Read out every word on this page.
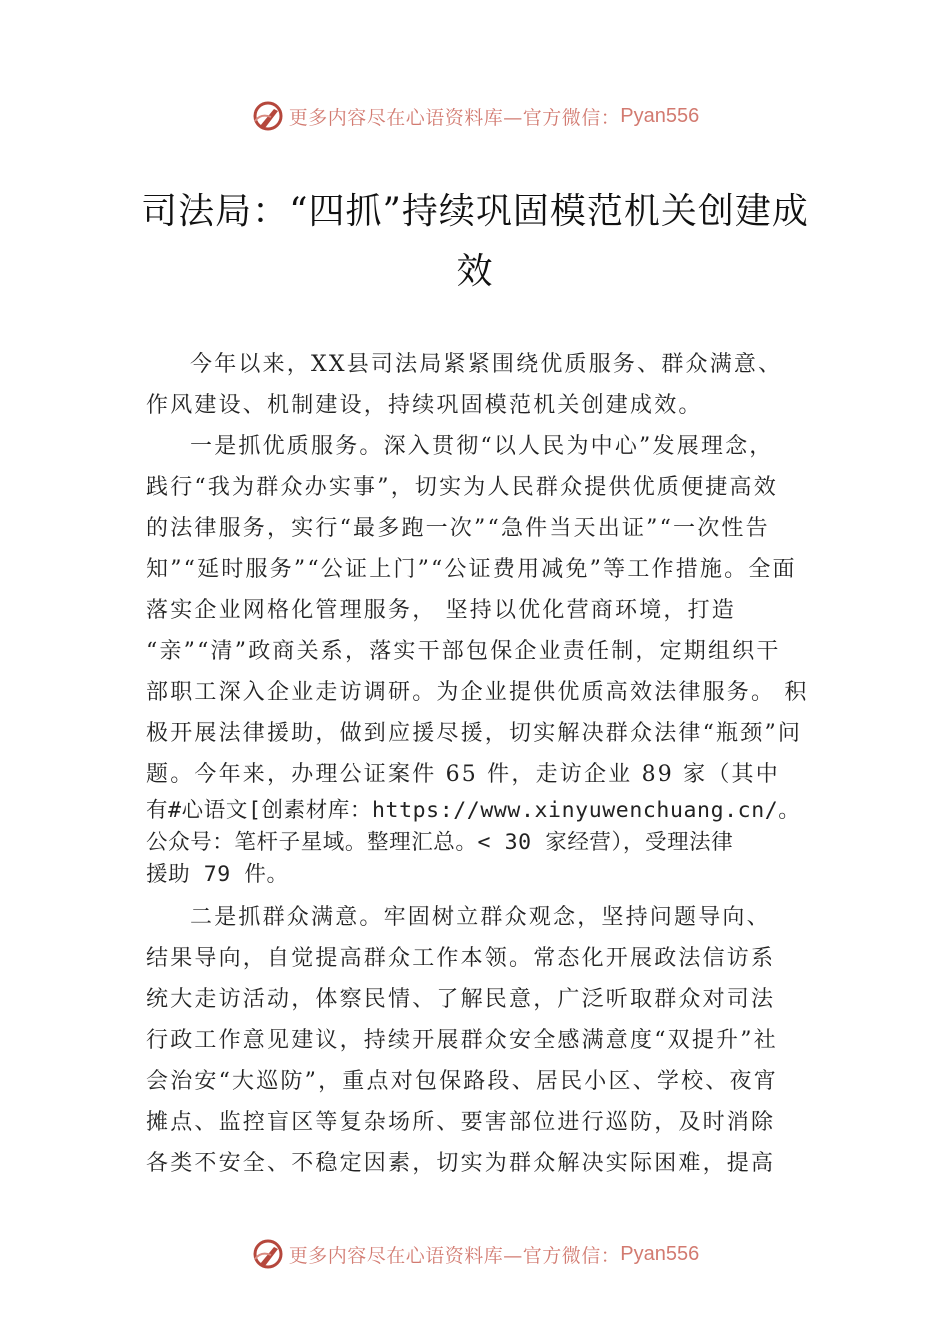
更多内容尽在心语资料库—官方微信： Pyan556
司法局：“四抓”持续巩固模范机关创建成
效

今年以来，XX县司法局紧紧围绕优质服务、群众满意、
作风建设、机制建设，持续巩固模范机关创建成效。

一是抓优质服务。深入贯彻“以人民为中心”发展理念，
践行“我为群众办实事”，切实为人民群众提供优质便捷高效
的法律服务，实行“最多跑一次”“急件当天出证”“一次性告
知”“延时服务”“公证上门”“公证费用减免”等工作措施。全面
落实企业网格化管理服务， 坚持以优化营商环境，打造
“亲”“清”政商关系，落实干部包保企业责任制，定期组织干
部职工深入企业走访调研。为企业提供优质高效法律服务。 积
极开展法律援助，做到应援尽援，切实解决群众法律“瓶颈”问
题。今年来，办理公证案件 65 件，走访企业 89 家（其中
有#心语文[创素材库：https://www.xinyuwenchuang.cn/。
公众号：笔杆子星域。整理汇总。< 30 家经营），受理法律
援助 79 件。

二是抓群众满意。牢固树立群众观念，坚持问题导向、
结果导向，自觉提高群众工作本领。常态化开展政法信访系
统大走访活动，体察民情、了解民意，广泛听取群众对司法
行政工作意见建议，持续开展群众安全感满意度“双提升”社
会治安“大巡防”，重点对包保路段、居民小区、学校、夜宵
摊点、监控盲区等复杂场所、要害部位进行巡防，及时消除
各类不安全、不稳定因素，切实为群众解决实际困难，提高

更多内容尽在心语资料库—官方微信： Pyan556
